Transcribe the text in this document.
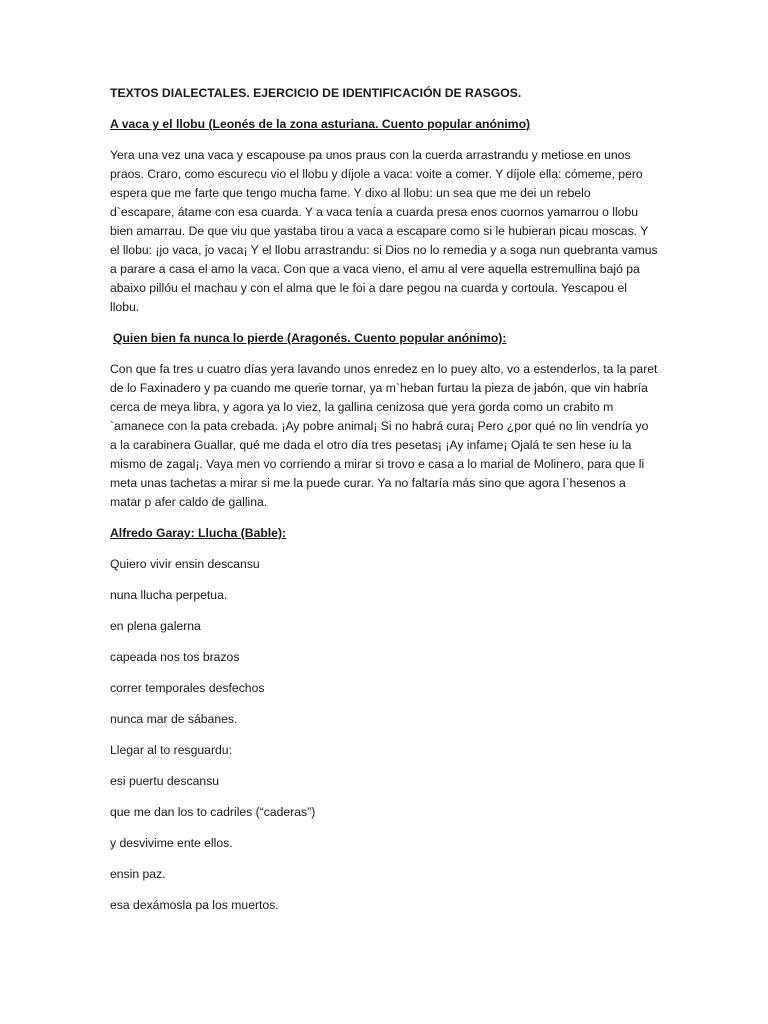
TEXTOS DIALECTALES. EJERCICIO DE IDENTIFICACIÓN DE RASGOS.

A vaca y el llobu (Leonés de la zona asturiana. Cuento popular anónimo)

Yera una vez una vaca y escapouse pa unos praus con la cuerda arrastrandu y metiose en unos praos. Craro, como escurecu vio el llobu y díjole a vaca: voite a comer. Y díjole ella: cómeme, pero espera que me farte que tengo mucha fame. Y dixo al llobu: un sea que me dei un rebelo d`escapare, átame con esa cuarda. Y a vaca tenía a cuarda presa enos cuornos yamarrou o llobu bien amarrau. De que viu que yastaba tirou a vaca a escapare como si le hubieran picau moscas. Y el llobu: ¡jo vaca, jo vaca¡ Y el llobu arrastrandu: si Dios no lo remedia y a soga nun quebranta vamus a parare a casa el amo la vaca. Con que a vaca vieno, el amu al vere aquella estremullina bajó pa abaixo pillóu el machau y con el alma que le foi a dare pegou na cuarda y cortoula. Yescapou el llobu.

Quien bien fa nunca lo pierde (Aragonés. Cuento popular anónimo):

Con que fa tres u cuatro días yera lavando unos enredez en lo puey alto, vo a estenderlos, ta la paret de lo Faxinadero y pa cuando me querie tornar, ya m`heban furtau la pieza de jabón, que vin habría cerca de meya libra, y agora ya lo viez, la gallina cenizosa que yera gorda como un crabito m `amanece con la pata crebada. ¡Ay pobre animal¡ Si no habrá cura¡ Pero ¿por qué no lin vendría yo a la carabinera Guallar, qué me dada el otro día tres pesetas¡ ¡Ay infame¡ Ojalá te sen hese iu la mismo de zagal¡. Vaya men vo corriendo a mirar si trovo e casa a lo marial de Molinero, para que li meta unas tachetas a mirar si me la puede curar. Ya no faltaría más sino que agora l`hesenos a matar p afer caldo de gallina.

Alfredo Garay: Llucha (Bable):

Quiero vivir ensin descansu

nuna llucha perpetua.

en plena galerna

capeada nos tos brazos

correr temporales desfechos

nunca mar de sábanes.

Llegar al to resguardu:

esi puertu descansu

que me dan los to cadriles (“caderas”)

y desvivime ente ellos.

ensin paz.

esa dexámosla pa los muertos.
